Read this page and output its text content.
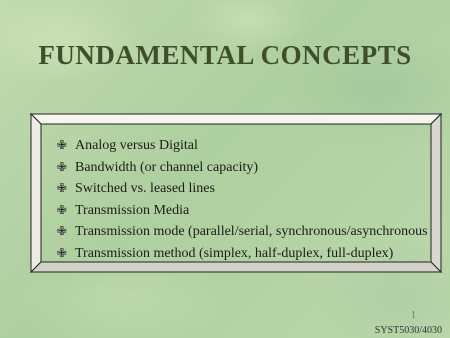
FUNDAMENTAL CONCEPTS
✙ Analog versus Digital
✙ Bandwidth (or channel capacity)
✙ Switched vs. leased lines
✙ Transmission Media
✙ Transmission mode (parallel/serial, synchronous/asynchronous
✙ Transmission method (simplex, half-duplex, full-duplex)
1
SYST5030/4030
